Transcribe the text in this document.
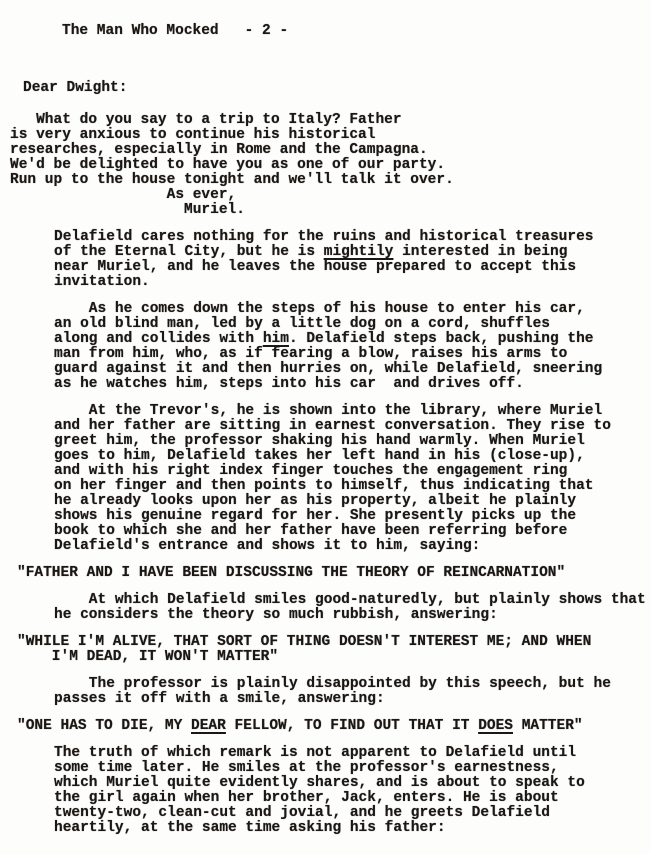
The Man Who Mocked - 2 -
Dear Dwight:
What do you say to a trip to Italy? Father
is very anxious to continue his historical
researches, especially in Rome and the Campagna.
We'd be delighted to have you as one of our party.
Run up to the house tonight and we'll talk it over.
As ever,
Muriel.
Delafield cares nothing for the ruins and historical treasures
of the Eternal City, but he is mightily interested in being
near Muriel, and he leaves the house prepared to accept this
invitation.
As he comes down the steps of his house to enter his car,
an old blind man, led by a little dog on a cord, shuffles
along and collides with him. Delafield steps back, pushing the
man from him, who, as if fearing a blow, raises his arms to
guard against it and then hurries on, while Delafield, sneering
as he watches him, steps into his car  and drives off.
At the Trevor's, he is shown into the library, where Muriel
and her father are sitting in earnest conversation. They rise to
greet him, the professor shaking his hand warmly. When Muriel
goes to him, Delafield takes her left hand in his (close-up),
and with his right index finger touches the engagement ring
on her finger and then points to himself, thus indicating that
he already looks upon her as his property, albeit he plainly
shows his genuine regard for her. She presently picks up the
book to which she and her father have been referring before
Delafield's entrance and shows it to him, saying:
"FATHER AND I HAVE BEEN DISCUSSING THE THEORY OF REINCARNATION"
At which Delafield smiles good-naturedly, but plainly shows that
he considers the theory so much rubbish, answering:
"WHILE I'M ALIVE, THAT SORT OF THING DOESN'T INTEREST ME; AND WHEN
I'M DEAD, IT WON'T MATTER"
The professor is plainly disappointed by this speech, but he
passes it off with a smile, answering:
"ONE HAS TO DIE, MY DEAR FELLOW, TO FIND OUT THAT IT DOES MATTER"
The truth of which remark is not apparent to Delafield until
some time later. He smiles at the professor's earnestness,
which Muriel quite evidently shares, and is about to speak to
the girl again when her brother, Jack, enters. He is about
twenty-two, clean-cut and jovial, and he greets Delafield
heartily, at the same time asking his father:
